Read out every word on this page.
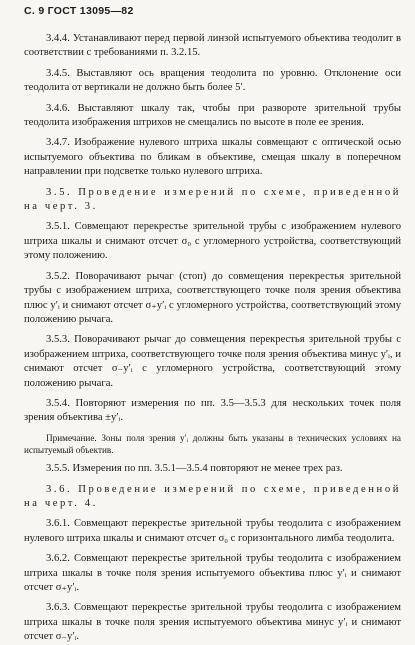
С. 9 ГОСТ 13095—82
3.4.4. Устанавливают перед первой линзой испытуемого объектива теодолит в соответствии с требованиями п. 3.2.15.
3.4.5. Выставляют ось вращения теодолита по уровню. Отклонение оси теодолита от вертикали не должно быть более 5′.
3.4.6. Выставляют шкалу так, чтобы при развороте зрительной трубы теодолита изображения штрихов не смещались по высоте в поле ее зрения.
3.4.7. Изображение нулевого штриха шкалы совмещают с оптической осью испытуемого объектива по бликам в объективе, смещая шкалу в поперечном направлении при подсветке только нулевого штриха.
3.5. Проведение измерений по схеме, приведенной на черт. 3.
3.5.1. Совмещают перекрестье зрительной трубы с изображением нулевого штриха шкалы и снимают отсчет σ₀ с угломерного устройства, соответствующий этому положению.
3.5.2. Поворачивают рычаг (стоп) до совмещения перекрестья зрительной трубы с изображением штриха, соответствующего точке поля зрения объектива плюс y′ᵢ и снимают отсчет σ₊y′ᵢ с угломерного устройства, соответствующий этому положению рычага.
3.5.3. Поворачивают рычаг до совмещения перекрестья зрительной трубы с изображением штриха, соответствующего точке поля зрения объектива минус y′ᵢ, и снимают отсчет σ₋y′ᵢ с угломерного устройства, соответствующий этому положению рычага.
3.5.4. Повторяют измерения по пп. 3.5—3.5.3 для нескольких точек поля зрения объектива ±y′ᵢ.
Примечание. Зоны поля зрения y′ᵢ должны быть указаны в технических условиях на испытуемый объектив.
3.5.5. Измерения по пп. 3.5.1—3.5.4 повторяют не менее трех раз.
3.6. Проведение измерений по схеме, приведенной на черт. 4.
3.6.1. Совмещают перекрестье зрительной трубы теодолита с изображением нулевого штриха шкалы и снимают отсчет σ₀ с горизонтального лимба теодолита.
3.6.2. Совмещают перекрестье зрительной трубы теодолита с изображением штриха шкалы в точке поля зрения испытуемого объектива плюс y′ᵢ и снимают отсчет σ₊y′ᵢ.
3.6.3. Совмещают перекрестье зрительной трубы теодолита с изображением штриха шкалы в точке поля зрения испытуемого объектива минус y′ᵢ и снимают отсчет σ₋y′ᵢ.
